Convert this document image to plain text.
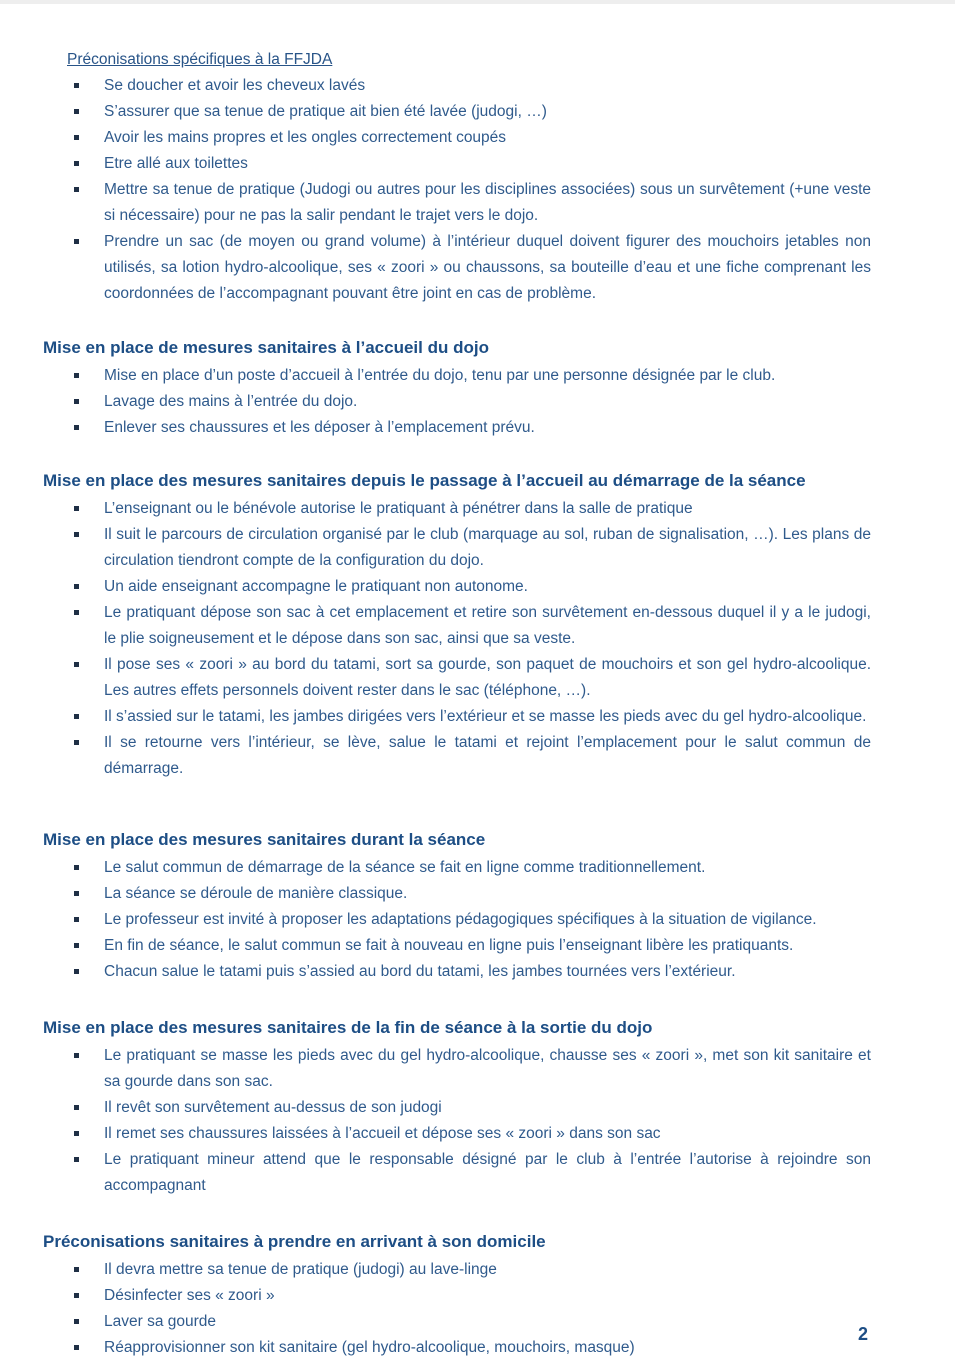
Préconisations spécifiques à la FFJDA
Se doucher et avoir les cheveux lavés
S’assurer que sa tenue de pratique ait bien été lavée (judogi, …)
Avoir les mains propres et les ongles correctement coupés
Etre allé aux toilettes
Mettre sa tenue de pratique (Judogi ou autres pour les disciplines associées) sous un survêtement (+une veste si nécessaire) pour ne pas la salir pendant le trajet vers le dojo.
Prendre un sac (de moyen ou grand volume) à l’intérieur duquel doivent figurer des mouchoirs jetables non utilisés, sa lotion hydro-alcoolique, ses « zoori » ou chaussons, sa bouteille d’eau et une fiche comprenant les coordonnées de l’accompagnant pouvant être joint en cas de problème.
Mise en place de mesures sanitaires à l’accueil du dojo
Mise en place d’un poste d’accueil à l’entrée du dojo, tenu par une personne désignée par le club.
Lavage des mains à l’entrée du dojo.
Enlever ses chaussures et les déposer à l’emplacement prévu.
Mise en place des mesures sanitaires depuis le passage à l’accueil au démarrage de la séance
L’enseignant ou le bénévole autorise le pratiquant à pénétrer dans la salle de pratique
Il suit le parcours de circulation organisé par le club (marquage au sol, ruban de signalisation, …). Les plans de circulation tiendront compte de la configuration du dojo.
Un aide enseignant accompagne le pratiquant non autonome.
Le pratiquant dépose son sac à cet emplacement et retire son survêtement en-dessous duquel il y a le judogi, le plie soigneusement et le dépose dans son sac, ainsi que sa veste.
Il pose ses « zoori » au bord du tatami, sort sa gourde, son paquet de mouchoirs et son gel hydro-alcoolique. Les autres effets personnels doivent rester dans le sac (téléphone, …).
Il s’assied sur le tatami, les jambes dirigées vers l’extérieur et se masse les pieds avec du gel hydro-alcoolique.
Il se retourne vers l’intérieur, se lève, salue le tatami et rejoint l’emplacement pour le salut commun de démarrage.
Mise en place des mesures sanitaires durant la séance
Le salut commun de démarrage de la séance se fait en ligne comme traditionnellement.
La séance se déroule de manière classique.
Le professeur est invité à proposer les adaptations pédagogiques spécifiques à la situation de vigilance.
En fin de séance, le salut commun se fait à nouveau en ligne puis l’enseignant libère les pratiquants.
Chacun salue le tatami puis s’assied au bord du tatami, les jambes tournées vers l’extérieur.
Mise en place des mesures sanitaires de la fin de séance à la sortie du dojo
Le pratiquant se masse les pieds avec du gel hydro-alcoolique, chausse ses « zoori », met son kit sanitaire et sa gourde dans son sac.
Il revêt son survêtement au-dessus de son judogi
Il remet ses chaussures laissées à l’accueil et dépose ses « zoori » dans son sac
Le pratiquant mineur attend que le responsable désigné par le club à l’entrée l’autorise à rejoindre son accompagnant
Préconisations sanitaires à prendre en arrivant à son domicile
Il devra mettre sa tenue de pratique (judogi) au lave-linge
Désinfecter ses « zoori »
Laver sa gourde
Réapprovisionner son kit sanitaire (gel hydro-alcoolique, mouchoirs, masque)
2
